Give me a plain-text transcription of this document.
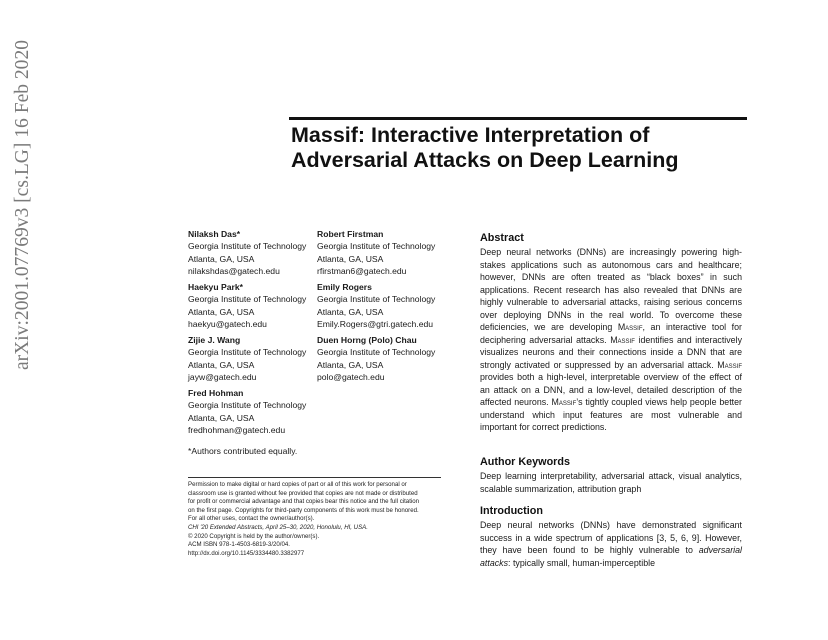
arXiv:2001.07769v3 [cs.LG] 16 Feb 2020	Massif: Interactive Interpretation of
Adversarial Attacks on Deep Learning
Nilaksh Das*
Georgia Institute of Technology
Atlanta, GA, USA
nilakshdas@gatech.edu
Robert Firstman
Georgia Institute of Technology
Atlanta, GA, USA
rfirstman6@gatech.edu
Haekyu Park*
Georgia Institute of Technology
Atlanta, GA, USA
haekyu@gatech.edu
Emily Rogers
Georgia Institute of Technology
Atlanta, GA, USA
Emily.Rogers@gtri.gatech.edu
Zijie J. Wang
Georgia Institute of Technology
Atlanta, GA, USA
jayw@gatech.edu
Duen Horng (Polo) Chau
Georgia Institute of Technology
Atlanta, GA, USA
polo@gatech.edu
Fred Hohman
Georgia Institute of Technology
Atlanta, GA, USA
fredhohman@gatech.edu
*Authors contributed equally.
Permission to make digital or hard copies of part or all of this work for personal or
classroom use is granted without fee provided that copies are not made or distributed
for profit or commercial advantage and that copies bear this notice and the full citation
on the first page. Copyrights for third-party components of this work must be honored.
For all other uses, contact the owner/author(s).
CHI '20 Extended Abstracts, April 25–30, 2020, Honolulu, HI, USA.
© 2020 Copyright is held by the author/owner(s).
ACM ISBN 978-1-4503-6819-3/20/04.
http://dx.doi.org/10.1145/3334480.3382977
Abstract

Deep neural networks (DNNs) are increasingly powering high-stakes applications such as autonomous cars and healthcare; however, DNNs are often treated as “black boxes” in such applications. Recent research has also revealed that DNNs are highly vulnerable to adversarial attacks, raising serious concerns over deploying DNNs in the real world. To overcome these deficiencies, we are developing Massif, an interactive tool for deciphering adversarial attacks. Massif identifies and interactively visualizes neurons and their connections inside a DNN that are strongly activated or suppressed by an adversarial attack. Massif provides both a high-level, interpretable overview of the effect of an attack on a DNN, and a low-level, detailed description of the affected neurons. Massif’s tightly coupled views help people better understand which input features are most vulnerable and important for correct predictions.

Author Keywords

Deep learning interpretability, adversarial attack, visual analytics, scalable summarization, attribution graph

Introduction

Deep neural networks (DNNs) have demonstrated significant success in a wide spectrum of applications [3, 5, 6, 9]. However, they have been found to be highly vulnerable to adversarial attacks: typically small, human-imperceptible
